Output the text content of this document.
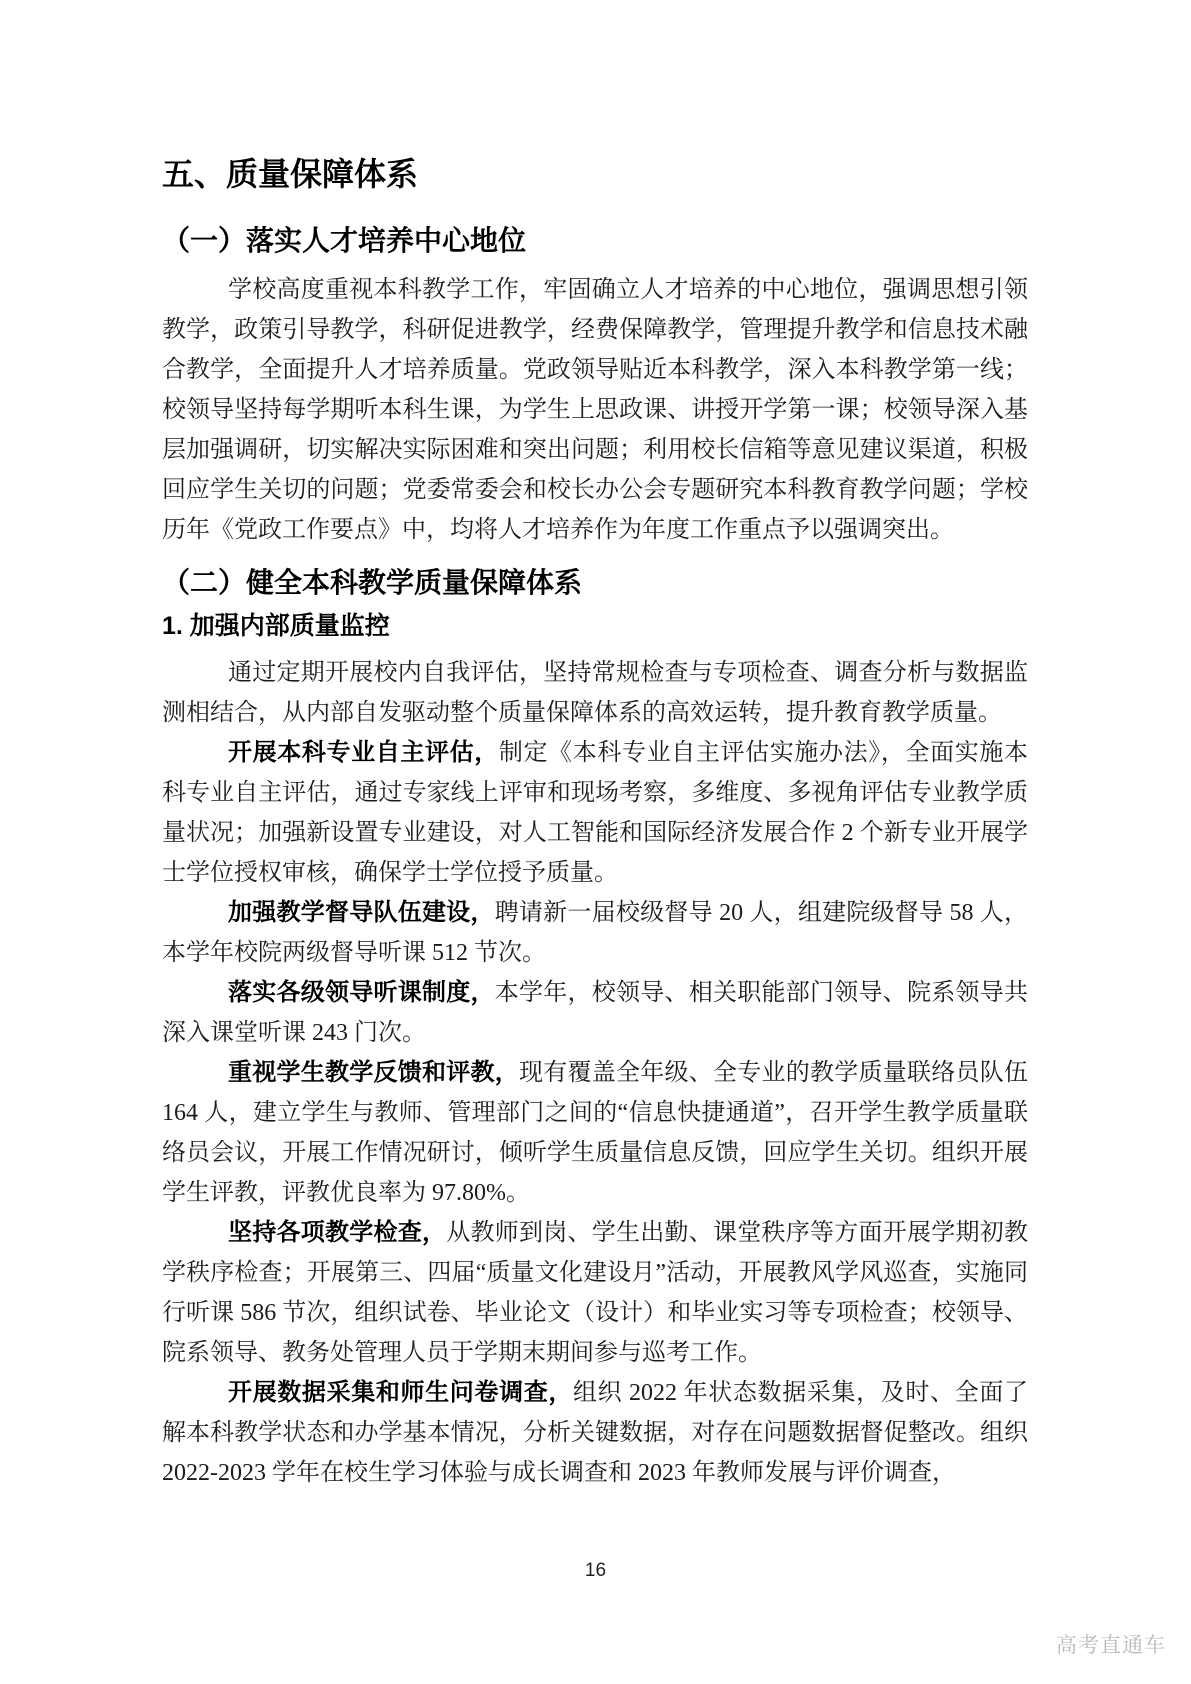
五、质量保障体系
（一）落实人才培养中心地位

学校高度重视本科教学工作，牢固确立人才培养的中心地位，强调思想引领教学，政策引导教学，科研促进教学，经费保障教学，管理提升教学和信息技术融合教学，全面提升人才培养质量。党政领导贴近本科教学，深入本科教学第一线；校领导坚持每学期听本科生课，为学生上思政课、讲授开学第一课；校领导深入基层加强调研，切实解决实际困难和突出问题；利用校长信箱等意见建议渠道，积极回应学生关切的问题；党委常委会和校长办公会专题研究本科教育教学问题；学校历年《党政工作要点》中，均将人才培养作为年度工作重点予以强调突出。

（二）健全本科教学质量保障体系
1. 加强内部质量监控

通过定期开展校内自我评估，坚持常规检查与专项检查、调查分析与数据监测相结合，从内部自发驱动整个质量保障体系的高效运转，提升教育教学质量。

开展本科专业自主评估，制定《本科专业自主评估实施办法》，全面实施本科专业自主评估，通过专家线上评审和现场考察，多维度、多视角评估专业教学质量状况；加强新设置专业建设，对人工智能和国际经济发展合作 2 个新专业开展学士学位授权审核，确保学士学位授予质量。

加强教学督导队伍建设，聘请新一届校级督导 20 人，组建院级督导 58 人，本学年校院两级督导听课 512 节次。

落实各级领导听课制度，本学年，校领导、相关职能部门领导、院系领导共深入课堂听课 243 门次。

重视学生教学反馈和评教，现有覆盖全年级、全专业的教学质量联络员队伍 164 人，建立学生与教师、管理部门之间的“信息快捷通道”，召开学生教学质量联络员会议，开展工作情况研讨，倾听学生质量信息反馈，回应学生关切。组织开展学生评教，评教优良率为 97.80%。

坚持各项教学检查，从教师到岗、学生出勤、课堂秩序等方面开展学期初教学秩序检查；开展第三、四届“质量文化建设月”活动，开展教风学风巡查，实施同行听课 586 节次，组织试卷、毕业论文（设计）和毕业实习等专项检查；校领导、院系领导、教务处管理人员于学期末期间参与巡考工作。

开展数据采集和师生问卷调查，组织 2022 年状态数据采集，及时、全面了解本科教学状态和办学基本情况，分析关键数据，对存在问题数据督促整改。组织 2022-2023 学年在校生学习体验与成长调查和 2023 年教师发展与评价调查，

16
高考直通车
